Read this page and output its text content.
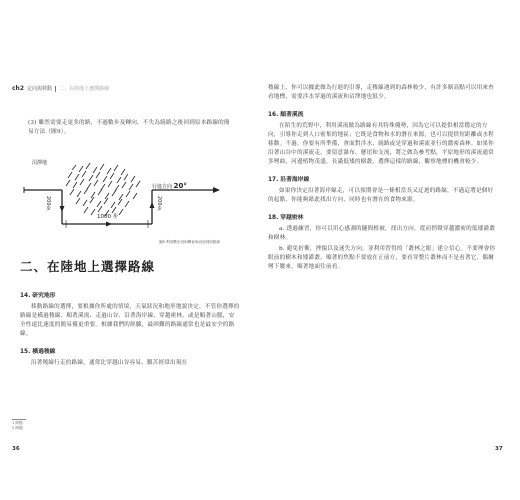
ch2 定向與移動 二、在陸地上選擇路線

(3) 雖然需要走更多的路，不過數步及轉向，不失為繞路之後回到原本路線的簡易方法（圖9）。

沼澤地
行進方向 20°
200步	200步
1000 步
圖9 利用數步伐和轉直角而回到原路線
二、在陸地上選擇路線
14. 研究地形

移動路線的選擇，要根據你所處的情境，天氣狀況和地形地貌決定，不管你選擇的路線是橫過稜線、順著溪流、走過山谷、沿著海岸線、穿越密林，或是順著山脈，安全性遠比速度的簡易優更重要。根據我們的經驗，最困難的路線通常也是最安全的路線。

15. 橫過稜線

沿著稜線行走的路線，通常比穿越山谷容易，艱苦經常出現在

1 間題：
2 間題：
36

稜線上，你可以據此做為行進的引導，走稜線遇到的森林較少，有許多制高點可以用來查看地標，需要涉水穿過的溪流和沼澤地也很少。

16. 順著溪流

在陌生的荒野中，利用溪流做為路線有其特殊優勢，因為它可以提供相當穩定的方向，引導你走到人口密集的地區；它既是食物和水的潛在來源，也可以提供短距離或水程移動。不過，你要有所準備，會面對涉水、繞路或是穿過和溪流並行的濃密森林。如果你沿著山谷中的溪流走，要留意瀑布、懸崖和支流，將之做為參考點，平原地形的溪流通常多彎曲，河邊植物茂盛，長滿低矮的樹叢，選擇這樣的路線，觀察地標的機會較少。

17. 沿著海岸線

如果你決定沿著海岸線走，可以預期會是一條相當長又迂迴的路線，不過這將是個好的起點，你能夠藉此找出方向，同時也有潛在的食物來源。

18. 穿越密林

a. 透過練習，你可以用心感測的隧間植被，找出方向，從而悄聲穿越濃密的低矮灌叢和樹林。

b. 避免折衝，挫傷以及迷失方向，並利用習得的「叢林之眼」建立信心。不要理會你眼前的樹木和矮灌叢，順著的焦點不要放在正前方，要看穿整片叢林而不是看著它，偶爾彎下腰來，順著地面往前看。

37
